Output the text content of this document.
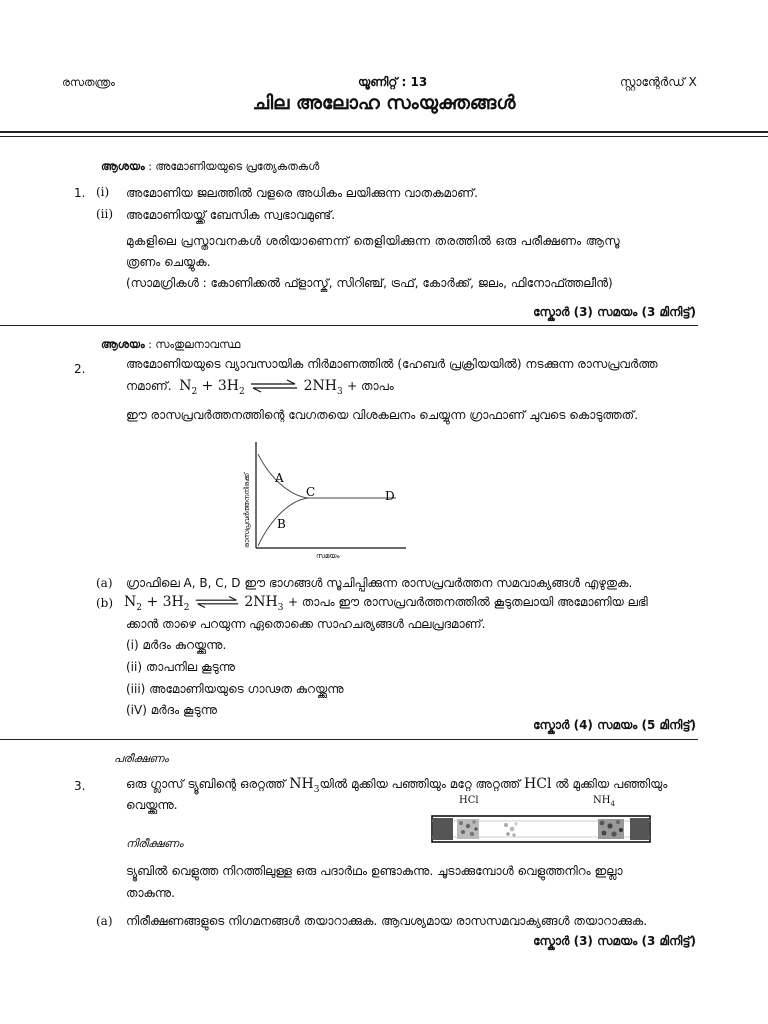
രസതന്ത്രം	യൂണിറ്റ് : 13	സ്റ്റാന്റേർഡ് X
ചില അലോഹ സംയുക്തങ്ങൾ
ആശയം : അമോണിയയുടെ പ്രത്യേകതകൾ
1. (i) അമോണിയ ജലത്തിൽ വളരെ അധികം ലയിക്കുന്ന വാതകമാണ്.
(ii) അമോണിയയ്ക്ക് ബേസിക സ്വഭാവമുണ്ട്.
മുകളിലെ പ്രസ്താവനകൾ ശരിയാണെന്ന് തെളിയിക്കുന്ന തരത്തിൽ ഒരു പരീക്ഷണം ആസൂ
ത്രണം ചെയ്യുക.
(സാമഗ്രികൾ : കോണിക്കൽ ഫ്ളാസ്ക്, സിറിഞ്ച്, ട്രഫ്, കോർക്ക്, ജലം, ഫിനോഫ്ത്തലീൻ)
സ്കോർ (3) സമയം (3 മിനിട്ട്)
ആശയം : സംതുലനാവസ്ഥ
2.	അമോണിയയുടെ വ്യാവസായിക നിർമാണത്തിൽ (ഹേബർ പ്രക്രിയയിൽ) നടക്കുന്ന രാസപ്രവർത്ത
നമാണ്. $N_2 + 3H_2$ ⇌ $2NH_3$ + താപം
ഈ രാസപ്രവർത്തനത്തിന്റെ വേഗതയെ വിശകലനം ചെയ്യുന്ന ഗ്രാഫാണ് ചുവടെ കൊടുത്തത്.
A
B
C	D
രാസപ്രവർത്തനനിരക്ക്
സമയം
(a) ഗ്രാഫിലെ A, B, C, D ഈ ഭാഗങ്ങൾ സൂചിപ്പിക്കുന്ന രാസപ്രവർത്തന സമവാക്യങ്ങൾ എഴുതുക.
(b) $N_2 + 3H_2$	$2NH_3$ + താപം ഈ രാസപ്രവർത്തനത്തിൽ കൂടുതലായി അമോണിയ ലഭി
ക്കാൻ താഴെ പറയുന്ന ഏതൊക്കെ സാഹചര്യങ്ങൾ ഫലപ്രദമാണ്.
(i) മർദം കുറയ്ക്കുന്നു.
(ii) താപനില കൂടുന്നു
(iii) അമോണിയയുടെ ഗാഢത കുറയ്ക്കുന്നു
(iV) മർദം കൂടുന്നു
സ്കോർ (4) സമയം (5 മിനിട്ട്)
പരീക്ഷണം
3.	ഒരു ഗ്ലാസ് ട്യൂബിന്റെ ഒരറ്റത്ത് $NH_3യിൽ$ മുക്കിയ പഞ്ഞിയും മറ്റേ അറ്റത്ത് HCl ൽ മുക്കിയ പഞ്ഞിയും
വെയ്ക്കുന്നു.	HCl	$NH_4$
നിരീക്ഷണം
ട്യൂബിൽ വെളുത്ത നിറത്തിലുള്ള ഒരു പദാർഥം ഉണ്ടാകുന്നു. ചൂടാക്കുമ്പോൾ വെളുത്തനിറം ഇല്ലാ
താകുന്നു.
(a) നിരീക്ഷണങ്ങളുടെ നിഗമനങ്ങൾ തയാറാക്കുക. ആവശ്യമായ രാസസമവാക്യങ്ങൾ തയാറാക്കുക.
സ്കോർ (3) സമയം (3 മിനിട്ട്)
